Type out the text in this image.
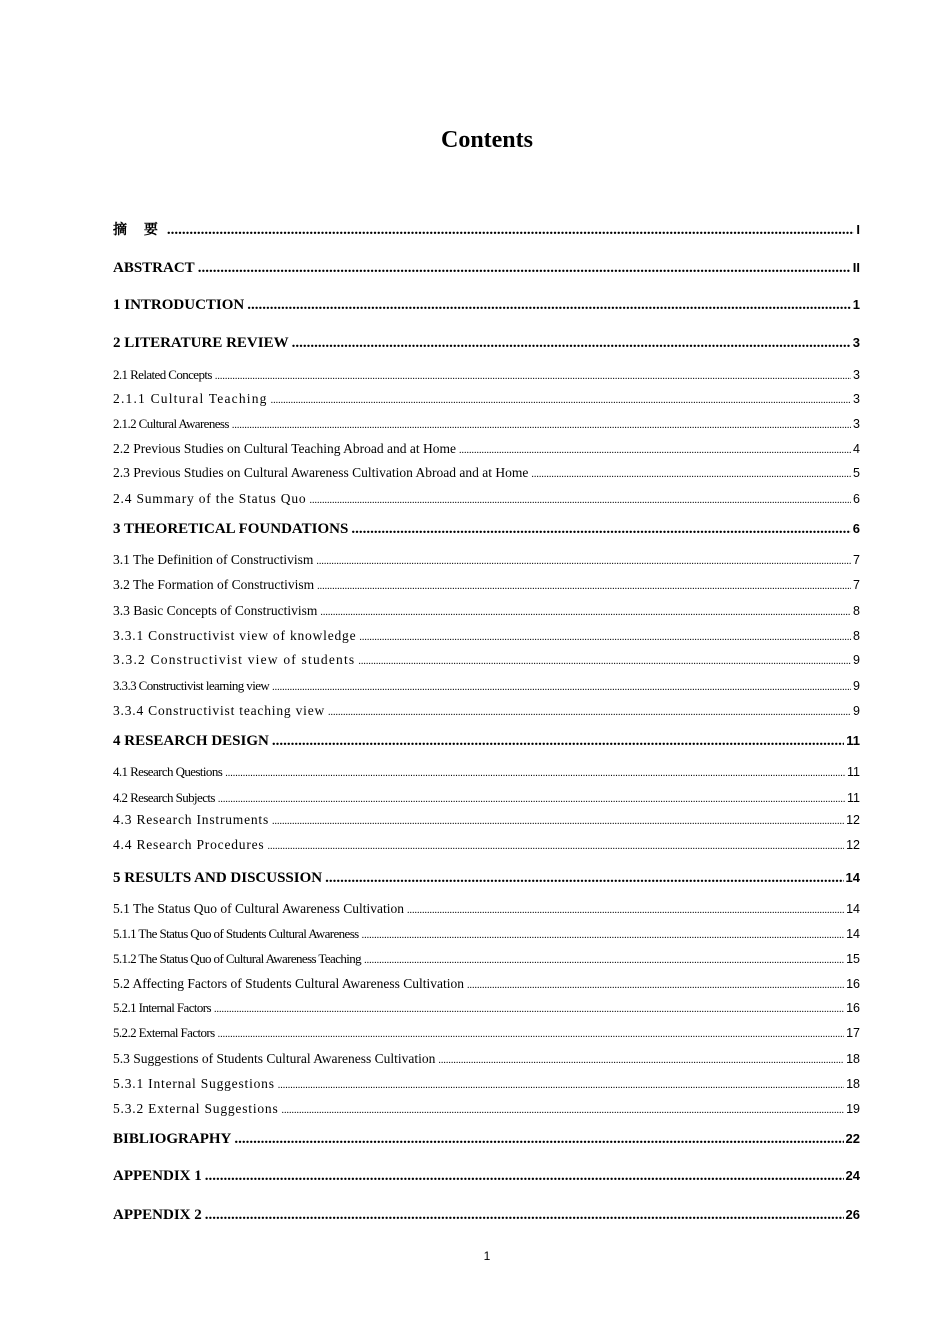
Contents
摘 要 .....	I
ABSTRACT .....	II
1 INTRODUCTION .....	1
2 LITERATURE REVIEW .....	3
2.1 Related Concepts .....	3
2.1.1 Cultural Teaching .....	3
2.1.2 Cultural Awareness .....	3
2.2 Previous Studies on Cultural Teaching Abroad and at Home .....	4
2.3 Previous Studies on Cultural Awareness Cultivation Abroad and at Home .....	5
2.4 Summary of the Status Quo .....	6
3 THEORETICAL FOUNDATIONS .....	6
3.1 The Definition of Constructivism .....	7
3.2 The Formation of Constructivism .....	7
3.3 Basic Concepts of Constructivism .....	8
3.3.1 Constructivist view of knowledge .....	8
3.3.2 Constructivist view of students .....	9
3.3.3 Constructivist learning view .....	9
3.3.4 Constructivist teaching view .....	9
4 RESEARCH DESIGN .....	11
4.1 Research Questions .....	11
4.2 Research Subjects .....	11
4.3 Research Instruments .....	12
4.4 Research Procedures .....	12
5 RESULTS AND DISCUSSION .....	14
5.1 The Status Quo of Cultural Awareness Cultivation .....	14
5.1.1 The Status Quo of Students Cultural Awareness .....	14
5.1.2 The Status Quo of Cultural Awareness Teaching .....	15
5.2 Affecting Factors of Students Cultural Awareness Cultivation .....	16
5.2.1 Internal Factors .....	16
5.2.2 External Factors .....	17
5.3 Suggestions of Students Cultural Awareness Cultivation .....	18
5.3.1 Internal Suggestions .....	18
5.3.2 External Suggestions .....	19
BIBLIOGRAPHY .....	22
APPENDIX 1 .....	24
APPENDIX 2 .....	26
1
